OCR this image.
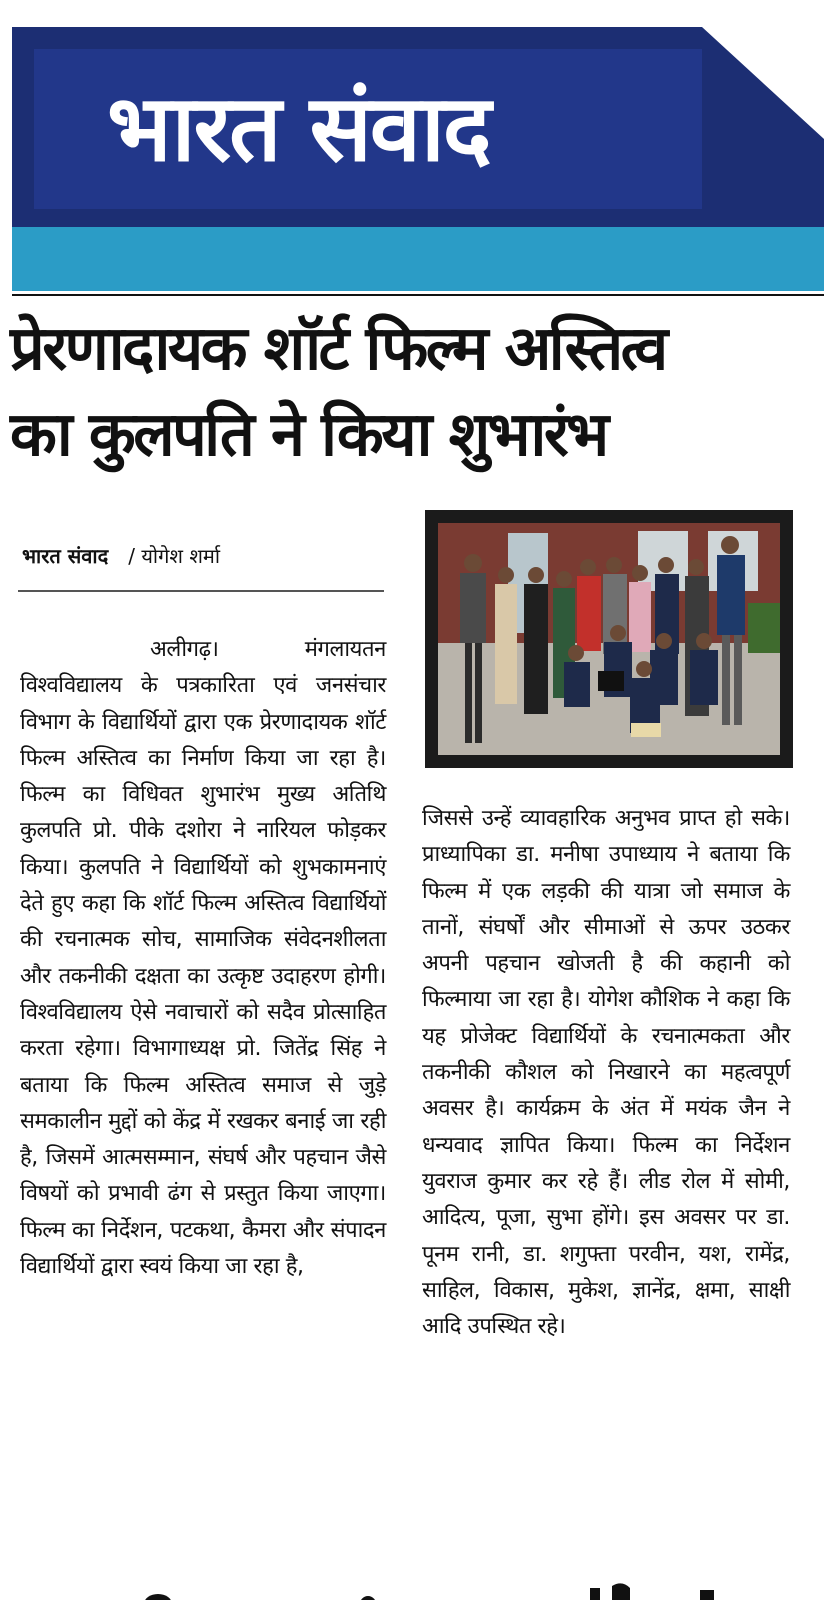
भारत संवाद
प्रेरणादायक शॉर्ट फिल्म अस्तित्व
का कुलपति ने किया शुभारंभ
भारत संवाद / योगेश शर्मा
अलीगढ़। मंगलायतन विश्वविद्यालय के पत्रकारिता एवं जनसंचार विभाग के विद्यार्थियों द्वारा एक प्रेरणादायक शॉर्ट फिल्म अस्तित्व का निर्माण किया जा रहा है। फिल्म का विधिवत शुभारंभ मुख्य अतिथि कुलपति प्रो. पीके दशोरा ने नारियल फोड़कर किया। कुलपति ने विद्यार्थियों को शुभकामनाएं देते हुए कहा कि शॉर्ट फिल्म अस्तित्व विद्यार्थियों की रचनात्मक सोच, सामाजिक संवेदनशीलता और तकनीकी दक्षता का उत्कृष्ट उदाहरण होगी। विश्वविद्यालय ऐसे नवाचारों को सदैव प्रोत्साहित करता रहेगा। विभागाध्यक्ष प्रो. जितेंद्र सिंह ने बताया कि फिल्म अस्तित्व समाज से जुड़े समकालीन मुद्दों को केंद्र में रखकर बनाई जा रही है, जिसमें आत्मसम्मान, संघर्ष और पहचान जैसे विषयों को प्रभावी ढंग से प्रस्तुत किया जाएगा। फिल्म का निर्देशन, पटकथा, कैमरा और संपादन विद्यार्थियों द्वारा स्वयं किया जा रहा है,
जिससे उन्हें व्यावहारिक अनुभव प्राप्त हो सके। प्राध्यापिका डा. मनीषा उपाध्याय ने बताया कि फिल्म में एक लड़की की यात्रा जो समाज के तानों, संघर्षों और सीमाओं से ऊपर उठकर अपनी पहचान खोजती है की कहानी को फिल्माया जा रहा है। योगेश कौशिक ने कहा कि यह प्रोजेक्ट विद्यार्थियों के रचनात्मकता और तकनीकी कौशल को निखारने का महत्वपूर्ण अवसर है। कार्यक्रम के अंत में मयंक जैन ने धन्यवाद ज्ञापित किया। फिल्म का निर्देशन युवराज कुमार कर रहे हैं। लीड रोल में सोमी, आदित्य, पूजा, सुभा होंगे। इस अवसर पर डा. पूनम रानी, डा. शगुफ्ता परवीन, यश, रामेंद्र, साहिल, विकास, मुकेश, ज्ञानेंद्र, क्षमा, साक्षी आदि उपस्थित रहे।
